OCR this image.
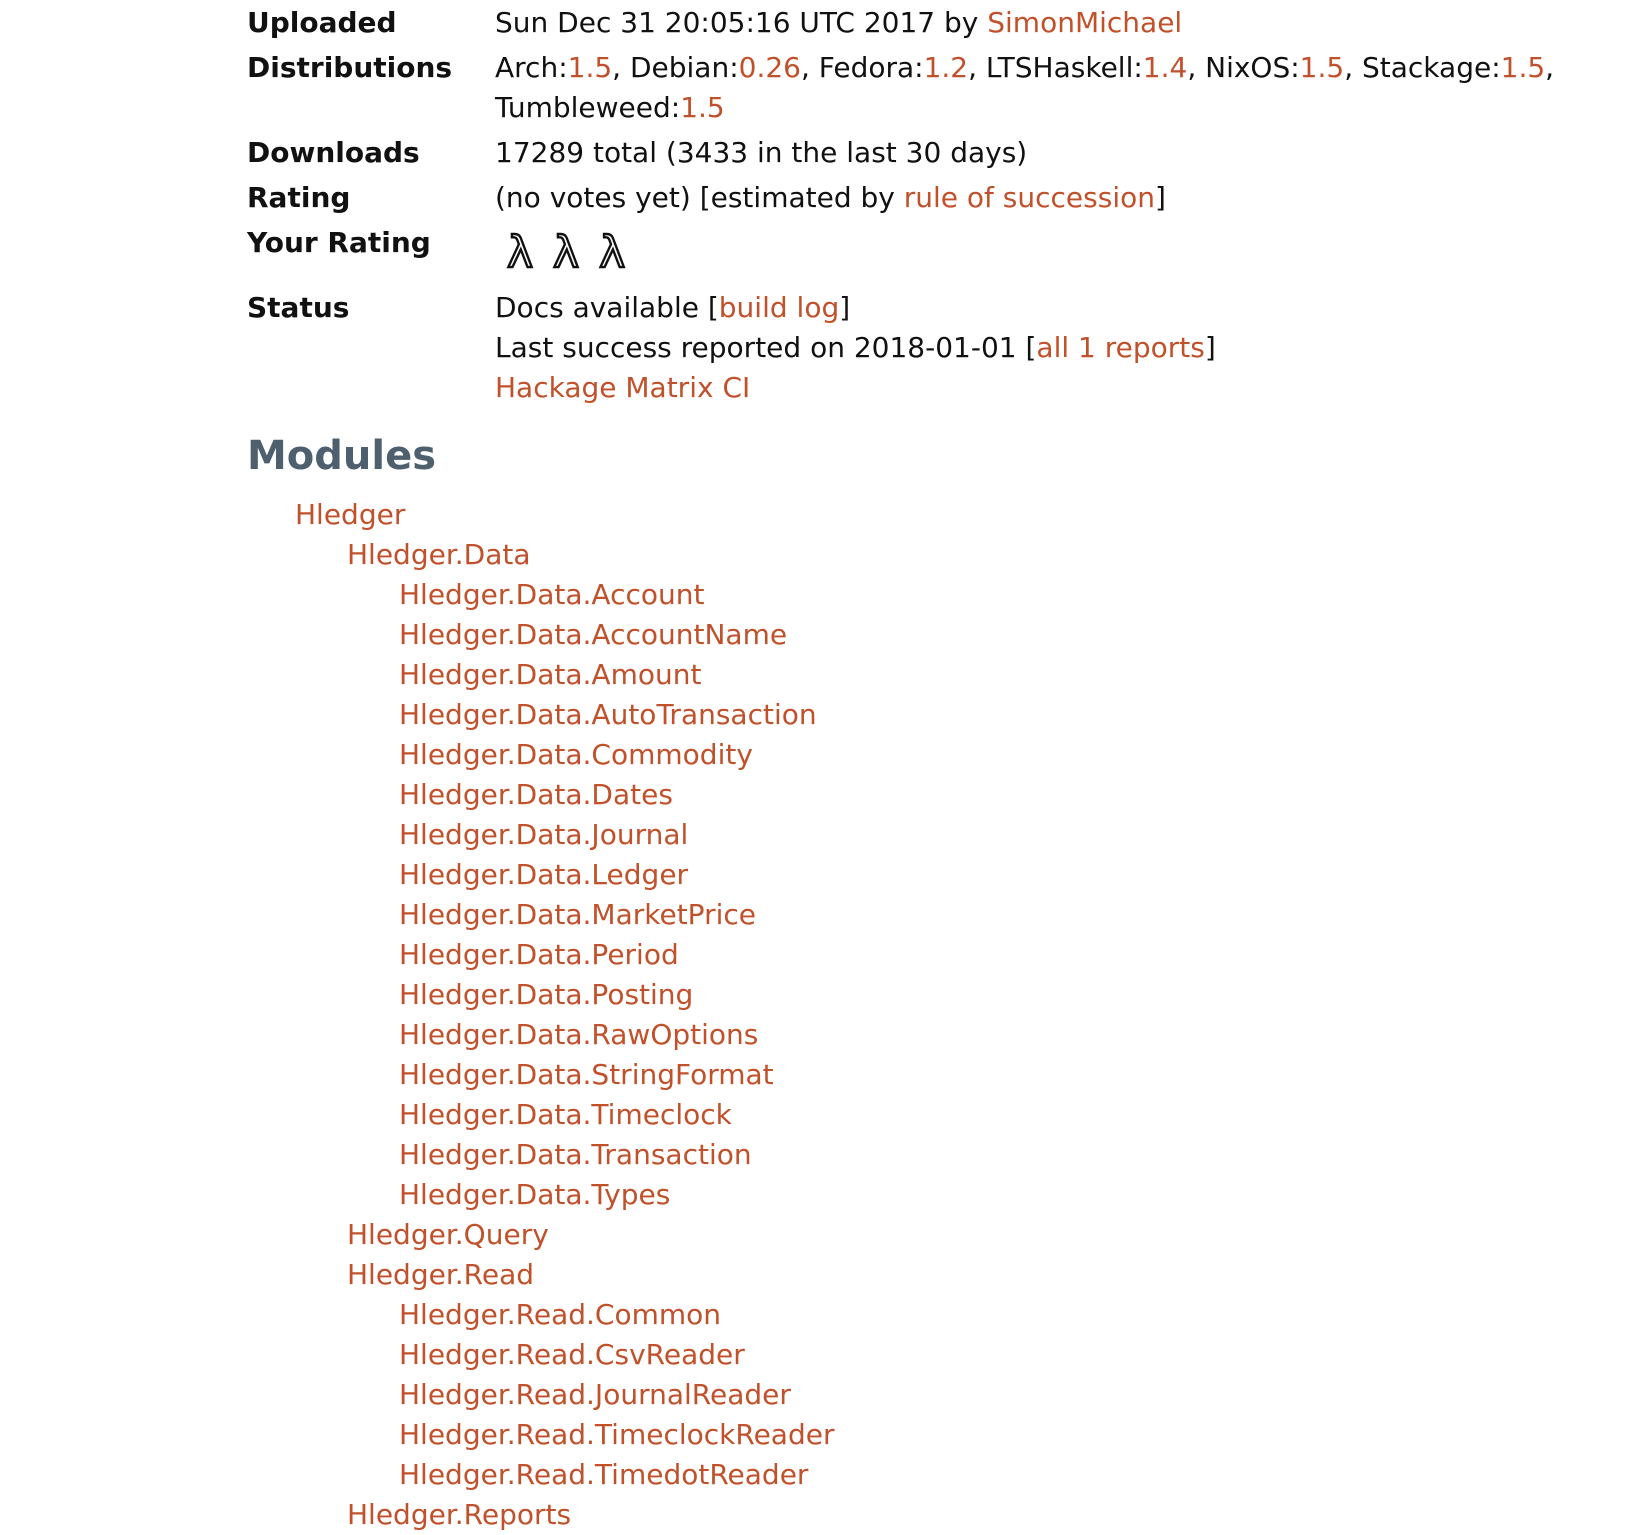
Uploaded	Sun Dec 31 20:05:16 UTC 2017 by SimonMichael
Distributions	Arch:1.5, Debian:0.26, Fedora:1.2, LTSHaskell:1.4, NixOS:1.5, Stackage:1.5,
Tumbleweed:1.5
Downloads	17289 total (3433 in the last 30 days)
Rating	(no votes yet) [estimated by rule of succession]
Your Rating	λ λ λ
Status	Docs available [build log]
Last success reported on 2018-01-01 [all 1 reports]
Hackage Matrix CI
Modules
Hledger
Hledger.Data
Hledger.Data.Account
Hledger.Data.AccountName
Hledger.Data.Amount
Hledger.Data.AutoTransaction
Hledger.Data.Commodity
Hledger.Data.Dates
Hledger.Data.Journal
Hledger.Data.Ledger
Hledger.Data.MarketPrice
Hledger.Data.Period
Hledger.Data.Posting
Hledger.Data.RawOptions
Hledger.Data.StringFormat
Hledger.Data.Timeclock
Hledger.Data.Transaction
Hledger.Data.Types
Hledger.Query
Hledger.Read
Hledger.Read.Common
Hledger.Read.CsvReader
Hledger.Read.JournalReader
Hledger.Read.TimeclockReader
Hledger.Read.TimedotReader
Hledger.Reports
